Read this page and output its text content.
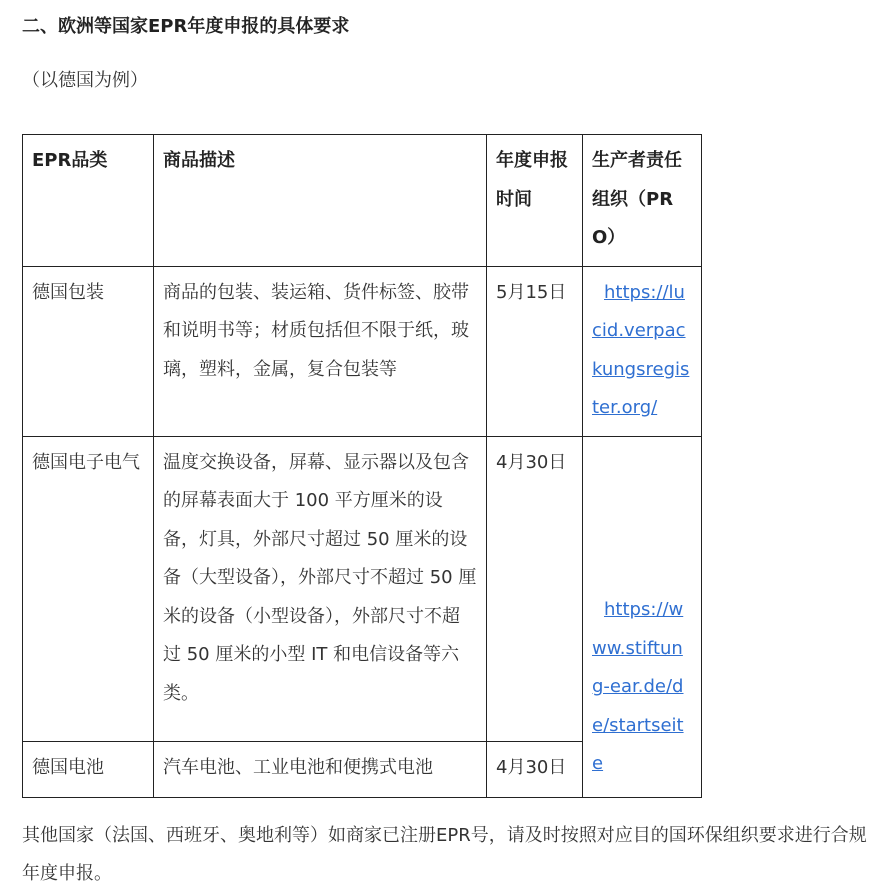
二、欧洲等国家EPR年度申报的具体要求
（以德国为例）
EPR品类	商品描述	年度申报时间	生产者责任组织（PRO）
德国包装	商品的包装、装运箱、货件标签、胶带和说明书等；材质包括但不限于纸，玻璃，塑料，金属，复合包装等	5月15日	https://lucid.verpackungsregister.org/

德国电子电气	温度交换设备，屏幕、显示器以及包含的屏幕表面大于 100 平方厘米的设备，灯具，外部尺寸超过 50 厘米的设备（大型设备），外部尺寸不超过 50 厘米的设备（小型设备），外部尺寸不超过 50 厘米的小型 IT 和电信设备等六类。	4月30日	https://www.stiftung-ear.de/de/startseite

德国电池	汽车电池、工业电池和便携式电池	4月30日	
其他国家（法国、西班牙、奥地利等）如商家已注册EPR号，请及时按照对应目的国环保组织要求进行合规年度申报。
